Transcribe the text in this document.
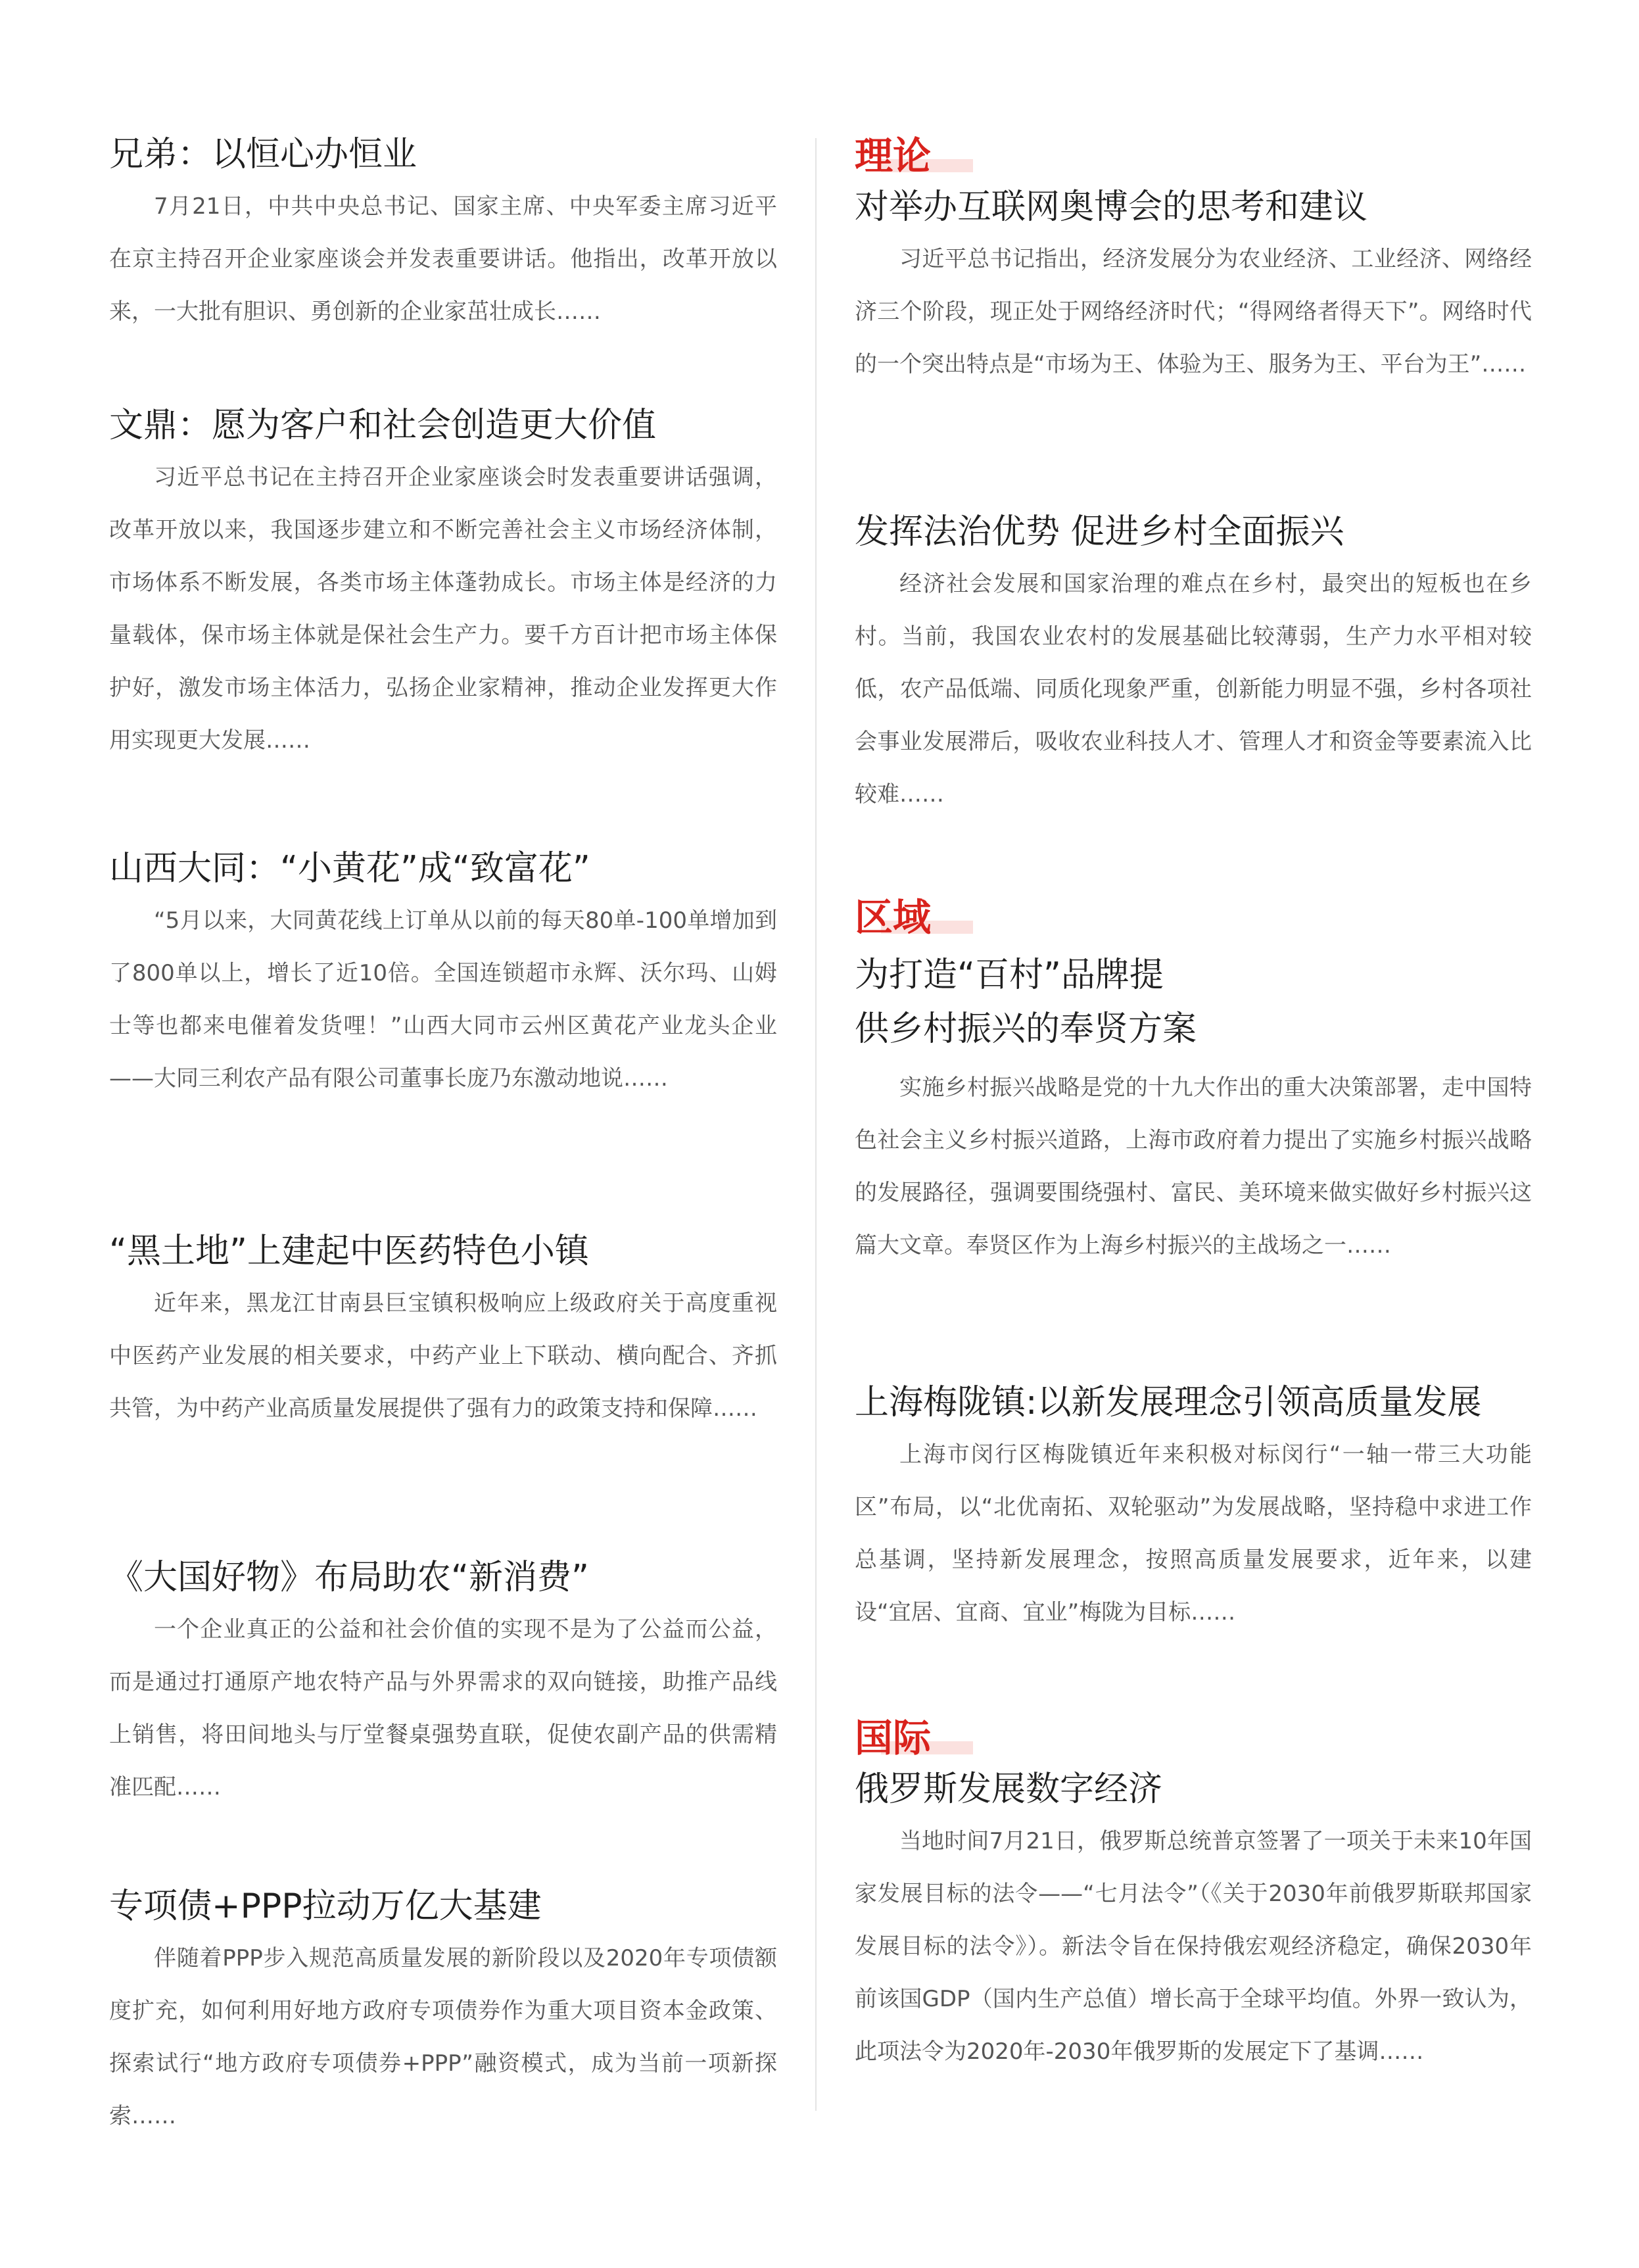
兄弟：以恒心办恒业

7月21日，中共中央总书记、国家主席、中央军委主席习近平在京主持召开企业家座谈会并发表重要讲话。他指出，改革开放以来，一大批有胆识、勇创新的企业家茁壮成长……

文鼎：愿为客户和社会创造更大价值

习近平总书记在主持召开企业家座谈会时发表重要讲话强调，改革开放以来，我国逐步建立和不断完善社会主义市场经济体制，市场体系不断发展，各类市场主体蓬勃成长。市场主体是经济的力量载体，保市场主体就是保社会生产力。要千方百计把市场主体保护好，激发市场主体活力，弘扬企业家精神，推动企业发挥更大作用实现更大发展……

山西大同：“小黄花”成“致富花”

“5月以来，大同黄花线上订单从以前的每天80单-100单增加到了800单以上，增长了近10倍。全国连锁超市永辉、沃尔玛、山姆士等也都来电催着发货哩！”山西大同市云州区黄花产业龙头企业——大同三利农产品有限公司董事长庞乃东激动地说……

“黑土地”上建起中医药特色小镇

近年来，黑龙江甘南县巨宝镇积极响应上级政府关于高度重视中医药产业发展的相关要求，中药产业上下联动、横向配合、齐抓共管，为中药产业高质量发展提供了强有力的政策支持和保障……

《大国好物》布局助农“新消费”

一个企业真正的公益和社会价值的实现不是为了公益而公益，而是通过打通原产地农特产品与外界需求的双向链接，助推产品线上销售，将田间地头与厅堂餐桌强势直联，促使农副产品的供需精准匹配……

专项债+PPP拉动万亿大基建

伴随着PPP步入规范高质量发展的新阶段以及2020年专项债额度扩充，如何利用好地方政府专项债券作为重大项目资本金政策、探索试行“地方政府专项债券+PPP”融资模式，成为当前一项新探索……

理论
对举办互联网奥博会的思考和建议

习近平总书记指出，经济发展分为农业经济、工业经济、网络经济三个阶段，现正处于网络经济时代；“得网络者得天下”。网络时代的一个突出特点是“市场为王、体验为王、服务为王、平台为王”……

发挥法治优势 促进乡村全面振兴

经济社会发展和国家治理的难点在乡村，最突出的短板也在乡村。当前，我国农业农村的发展基础比较薄弱，生产力水平相对较低，农产品低端、同质化现象严重，创新能力明显不强，乡村各项社会事业发展滞后，吸收农业科技人才、管理人才和资金等要素流入比较难……

区域
为打造“百村”品牌提
供乡村振兴的奉贤方案

实施乡村振兴战略是党的十九大作出的重大决策部署，走中国特色社会主义乡村振兴道路，上海市政府着力提出了实施乡村振兴战略的发展路径，强调要围绕强村、富民、美环境来做实做好乡村振兴这篇大文章。奉贤区作为上海乡村振兴的主战场之一……

上海梅陇镇:以新发展理念引领高质量发展

上海市闵行区梅陇镇近年来积极对标闵行“一轴一带三大功能区”布局，以“北优南拓、双轮驱动”为发展战略，坚持稳中求进工作总基调，坚持新发展理念，按照高质量发展要求，近年来，以建设“宜居、宜商、宜业”梅陇为目标……

国际
俄罗斯发展数字经济

当地时间7月21日，俄罗斯总统普京签署了一项关于未来10年国家发展目标的法令——“七月法令”（《关于2030年前俄罗斯联邦国家发展目标的法令》）。新法令旨在保持俄宏观经济稳定，确保2030年前该国GDP（国内生产总值）增长高于全球平均值。外界一致认为，此项法令为2020年-2030年俄罗斯的发展定下了基调……
